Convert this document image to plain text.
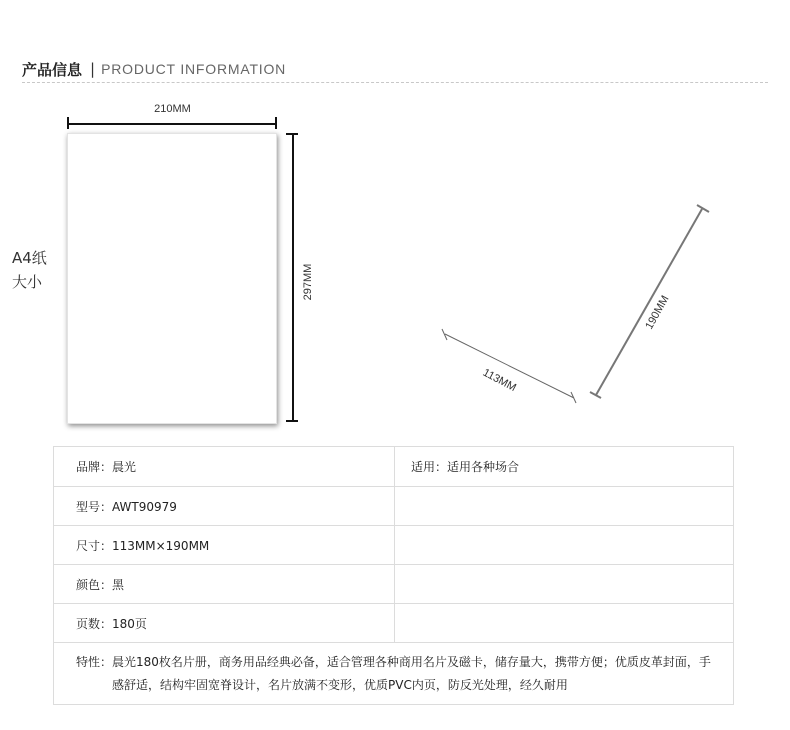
产品信息 | PRODUCT INFORMATION
A4纸
大小
210MM
297MM
113MM
190MM
品牌：晨光	适用：适用各种场合
型号：AWT90979	
尺寸：113MM×190MM	
颜色：黑	
页数：180页	

特性： 晨光180枚名片册，商务用品经典必备，适合管理各种商用名片及磁卡，储存量大，携带方便；优质皮革封面，手感舒适，结构牢固宽脊设计，名片放满不变形，优质PVC内页，防反光处理，经久耐用	
